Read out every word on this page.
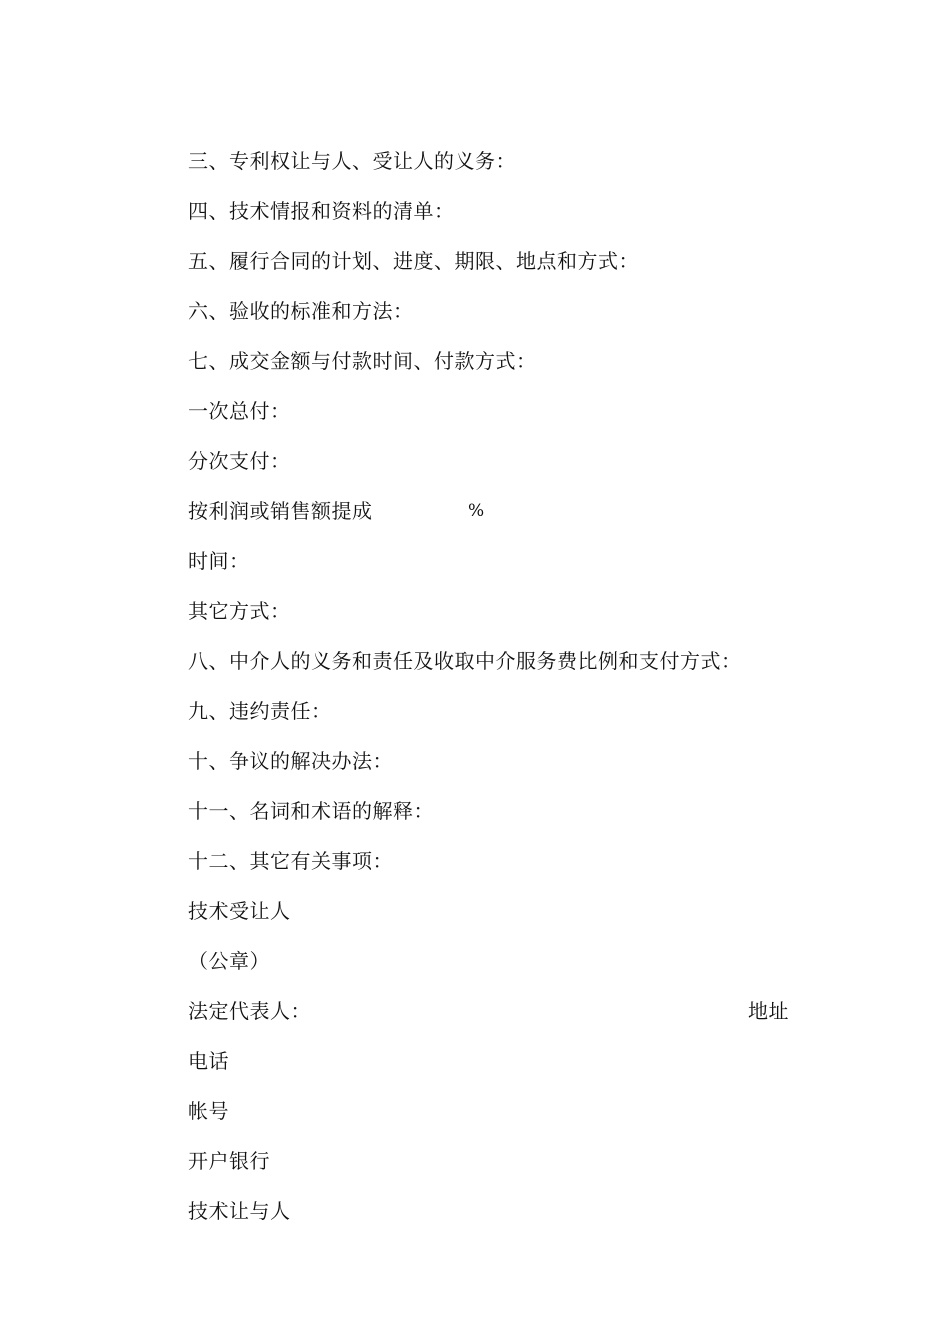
三、专利权让与人、受让人的义务：
四、技术情报和资料的清单：
五、履行合同的计划、进度、期限、地点和方式：
六、验收的标准和方法：
七、成交金额与付款时间、付款方式：
一次总付：
分次支付：
按利润或销售额提成	%
时间：
其它方式：
八、中介人的义务和责任及收取中介服务费比例和支付方式：
九、违约责任：
十、争议的解决办法：
十一、名词和术语的解释：
十二、其它有关事项：
技术受让人
（公章）
法定代表人：	地址
电话
帐号
开户银行
技术让与人
